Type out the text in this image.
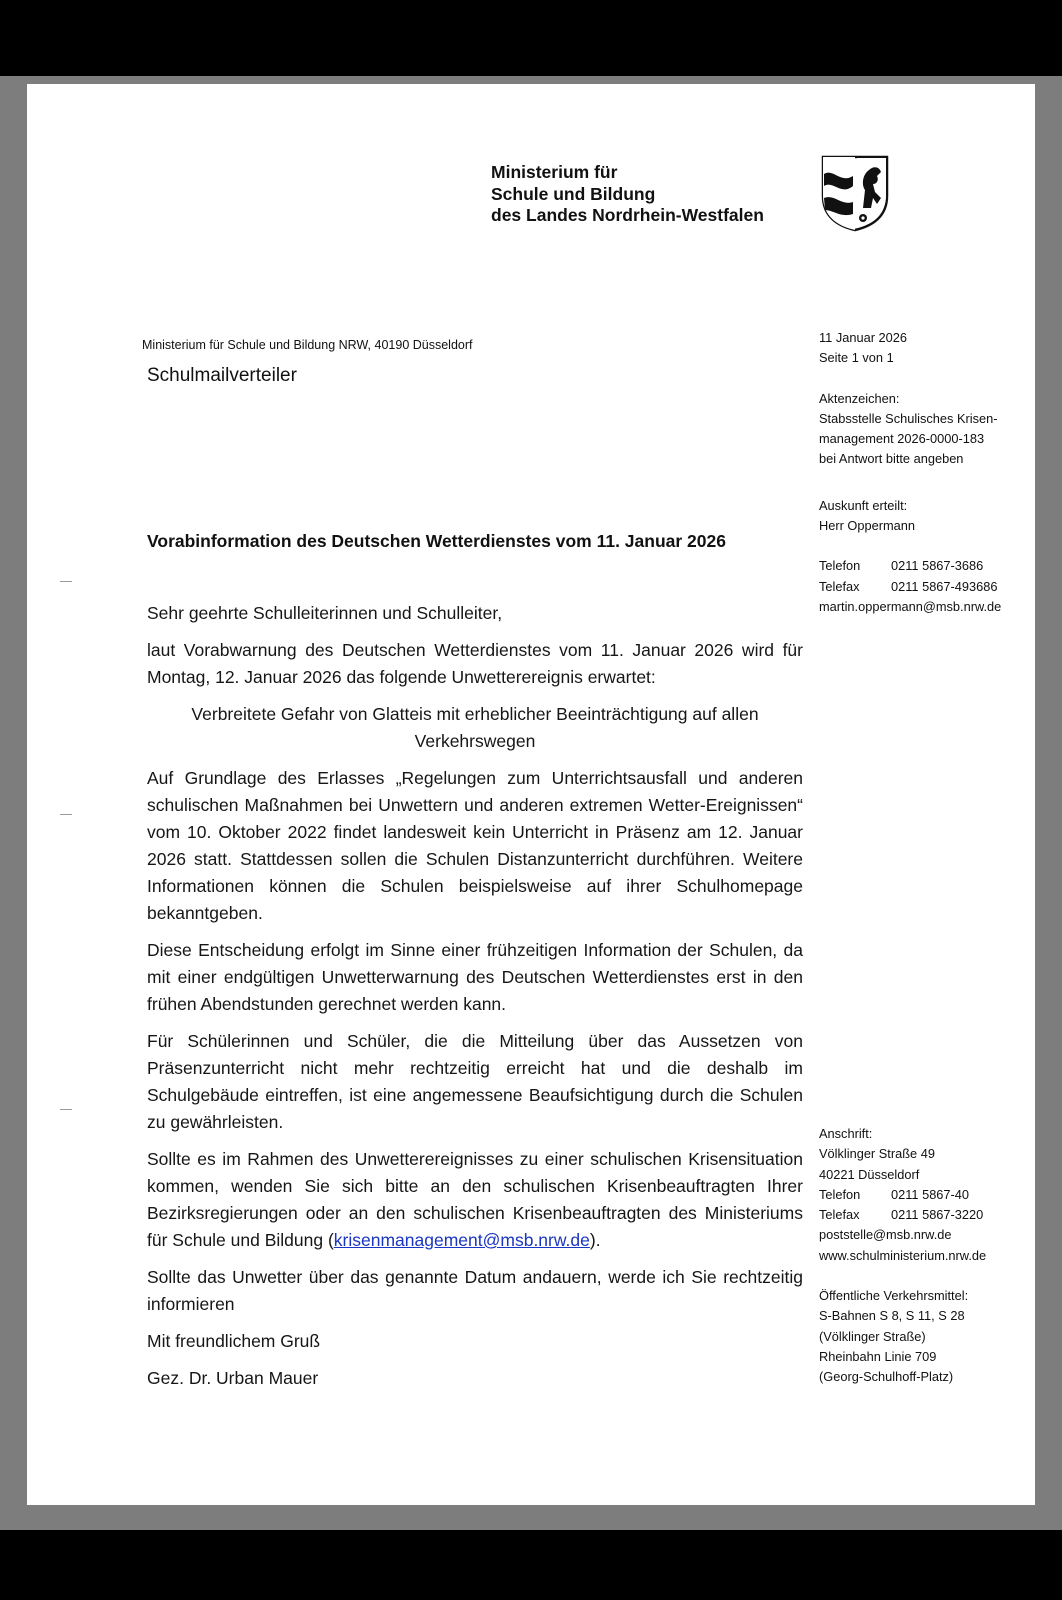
Ministerium für
Schule und Bildung
des Landes Nordrhein-Westfalen
Ministerium für Schule und Bildung NRW, 40190 Düsseldorf
Schulmailverteiler
Vorabinformation des Deutschen Wetterdienstes vom 11. Januar 2026
11 Januar 2026
Seite 1 von 1
Aktenzeichen:
Stabsstelle Schulisches Krisen-
management 2026-0000-183
bei Antwort bitte angeben
Auskunft erteilt:
Herr Oppermann
Telefon 0211 5867-3686
Telefax 0211 5867-493686
martin.oppermann@msb.nrw.de
Anschrift:
Völklinger Straße 49
40221 Düsseldorf
Telefon 0211 5867-40
Telefax 0211 5867-3220
poststelle@msb.nrw.de
www.schulministerium.nrw.de
Öffentliche Verkehrsmittel:
S-Bahnen S 8, S 11, S 28
(Völklinger Straße)
Rheinbahn Linie 709
(Georg-Schulhoff-Platz)

Sehr geehrte Schulleiterinnen und Schulleiter,

laut Vorabwarnung des Deutschen Wetterdienstes vom 11. Januar 2026 wird für Montag, 12. Januar 2026 das folgende Unwetterereignis erwartet:

Verbreitete Gefahr von Glatteis mit erheblicher Beeinträchtigung auf allen Verkehrswegen

Auf Grundlage des Erlasses „Regelungen zum Unterrichtsausfall und anderen schulischen Maßnahmen bei Unwettern und anderen extremen Wetter-Ereignissen“ vom 10. Oktober 2022 findet landesweit kein Unterricht in Präsenz am 12. Januar 2026 statt. Stattdessen sollen die Schulen Distanzunterricht durchführen. Weitere Informationen können die Schulen beispielsweise auf ihrer Schulhomepage bekanntgeben.

Diese Entscheidung erfolgt im Sinne einer frühzeitigen Information der Schulen, da mit einer endgültigen Unwetterwarnung des Deutschen Wetterdienstes erst in den frühen Abendstunden gerechnet werden kann.

Für Schülerinnen und Schüler, die die Mitteilung über das Aussetzen von Präsenzunterricht nicht mehr rechtzeitig erreicht hat und die deshalb im Schulgebäude eintreffen, ist eine angemessene Beaufsichtigung durch die Schulen zu gewährleisten.

Sollte es im Rahmen des Unwetterereignisses zu einer schulischen Krisensituation kommen, wenden Sie sich bitte an den schulischen Krisenbeauftragten Ihrer Bezirksregierungen oder an den schulischen Krisenbeauftragten des Ministeriums für Schule und Bildung (krisenmanagement@msb.nrw.de).

Sollte das Unwetter über das genannte Datum andauern, werde ich Sie rechtzeitig informieren

Mit freundlichem Gruß

Gez. Dr. Urban Mauer
